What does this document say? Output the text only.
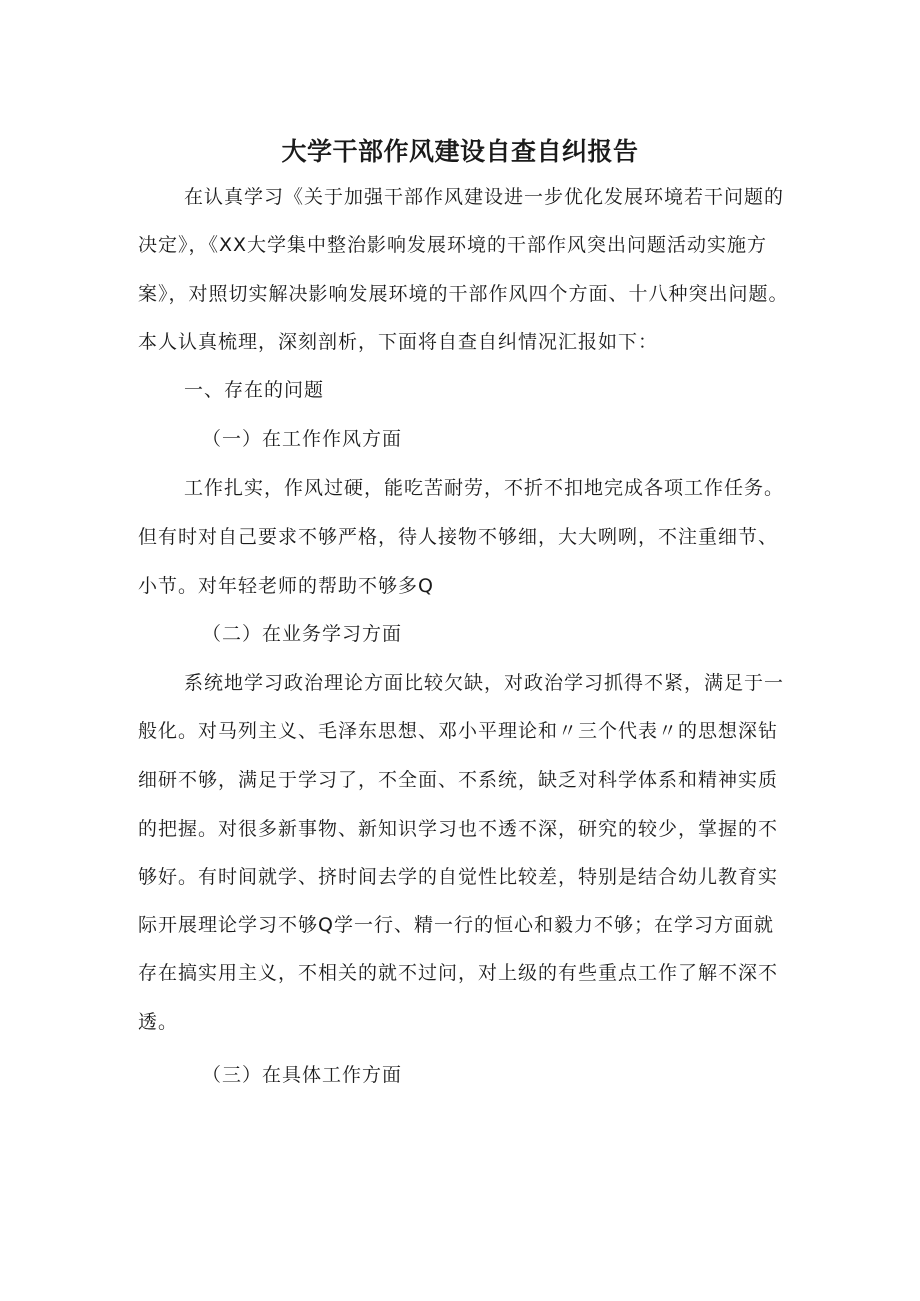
大学干部作风建设自查自纠报告

在认真学习《关于加强干部作风建设进一步优化发展环境若干问题的

决定》，《XX大学集中整治影响发展环境的干部作风突出问题活动实施方

案》，对照切实解决影响发展环境的干部作风四个方面、十八种突出问题。

本人认真梳理，深刻剖析，下面将自查自纠情况汇报如下：

一、存在的问题

（一）在工作作风方面

工作扎实，作风过硬，能吃苦耐劳，不折不扣地完成各项工作任务。

但有时对自己要求不够严格，待人接物不够细，大大咧咧，不注重细节、

小节。对年轻老师的帮助不够多Q

（二）在业务学习方面

系统地学习政治理论方面比较欠缺，对政治学习抓得不紧，满足于一

般化。对马列主义、毛泽东思想、邓小平理论和〃三个代表〃的思想深钻

细研不够，满足于学习了，不全面、不系统，缺乏对科学体系和精神实质

的把握。对很多新事物、新知识学习也不透不深，研究的较少，掌握的不

够好。有时间就学、挤时间去学的自觉性比较差，特别是结合幼儿教育实

际开展理论学习不够Q学一行、精一行的恒心和毅力不够；在学习方面就

存在搞实用主义，不相关的就不过问，对上级的有些重点工作了解不深不

透。

（三）在具体工作方面
